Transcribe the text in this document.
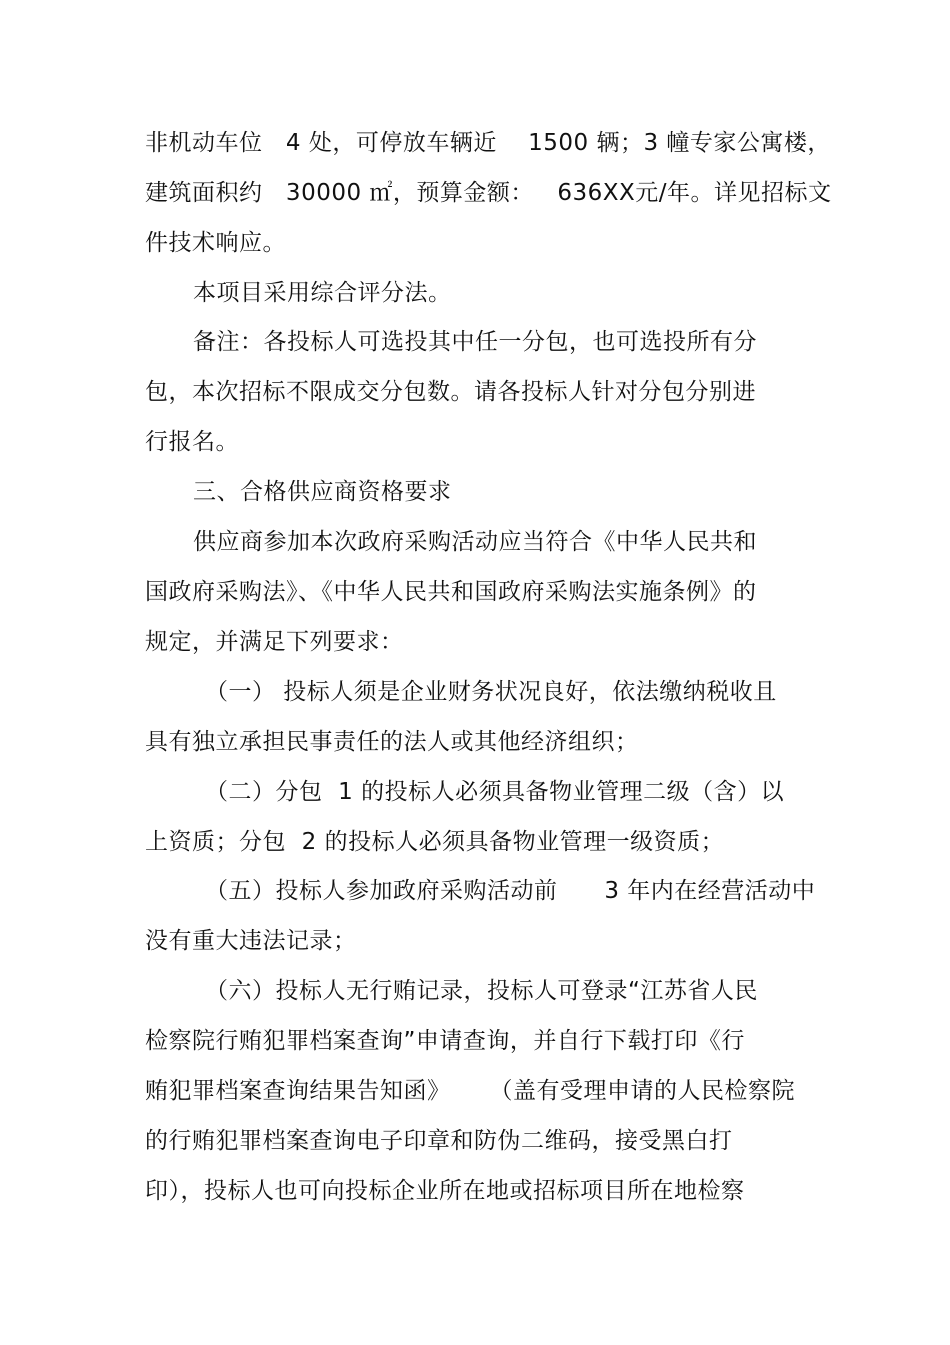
非机动车位   4 处，可停放车辆近    1500 辆；3 幢专家公寓楼，
建筑面积约   30000 ㎡，预算金额：   636XX元/年。详见招标文
件技术响应。
本项目采用综合评分法。
备注：各投标人可选投其中任一分包，也可选投所有分
包，本次招标不限成交分包数。请各投标人针对分包分别进
行报名。
三、合格供应商资格要求
供应商参加本次政府采购活动应当符合《中华人民共和
国政府采购法》、《中华人民共和国政府采购法实施条例》的
规定，并满足下列要求：
（一） 投标人须是企业财务状况良好，依法缴纳税收且
具有独立承担民事责任的法人或其他经济组织；
（二）分包  1 的投标人必须具备物业管理二级（含）以
上资质；分包  2 的投标人必须具备物业管理一级资质；
（五）投标人参加政府采购活动前      3 年内在经营活动中
没有重大违法记录；
（六）投标人无行贿记录，投标人可登录“江苏省人民
检察院行贿犯罪档案查询”申请查询，并自行下载打印《行
贿犯罪档案查询结果告知函》     （盖有受理申请的人民检察院
的行贿犯罪档案查询电子印章和防伪二维码，接受黑白打
印），投标人也可向投标企业所在地或招标项目所在地检察
